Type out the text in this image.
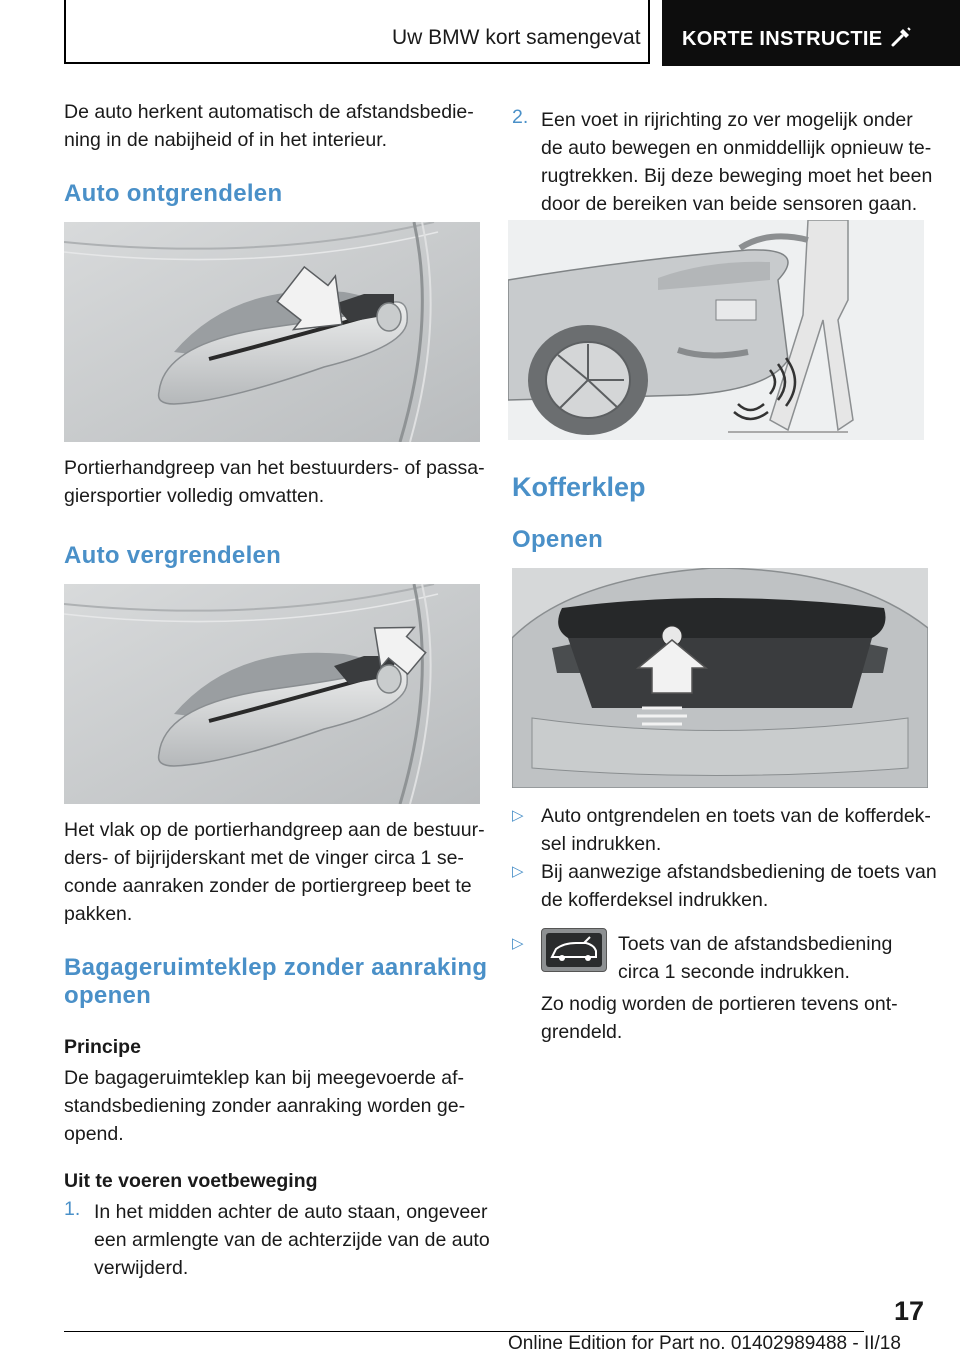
Uw BMW kort samengevat KORTE INSTRUCTIE
De auto herkent automatisch de afstandsbedie-
ning in de nabijheid of in het interieur.
Auto ontgrendelen
Portierhandgreep van het bestuurders- of passa-
giersportier volledig omvatten.
Auto vergrendelen
Het vlak op de portierhandgreep aan de bestuur-
ders- of bijrijderskant met de vinger circa 1 se-
conde aanraken zonder de portiergreep beet te
pakken.
Bagageruimteklep zonder aanraking
openen
Principe
De bagageruimteklep kan bij meegevoerde af-
standsbediening zonder aanraking worden ge-
opend.
Uit te voeren voetbeweging
1. In het midden achter de auto staan, ongeveer
een armlengte van de achterzijde van de auto
verwijderd.
2. Een voet in rijrichting zo ver mogelijk onder
de auto bewegen en onmiddellijk opnieuw te-
rugtrekken. Bij deze beweging moet het been
door de bereiken van beide sensoren gaan.
Kofferklep
Openen
▷ Auto ontgrendelen en toets van de kofferdek-
sel indrukken.
▷ Bij aanwezige afstandsbediening de toets van
de kofferdeksel indrukken.
▷	Toets van de afstandsbediening
circa 1 seconde indrukken.
Zo nodig worden de portieren tevens ont-
grendeld.
17
Online Edition for Part no. 01402989488 - II/18
